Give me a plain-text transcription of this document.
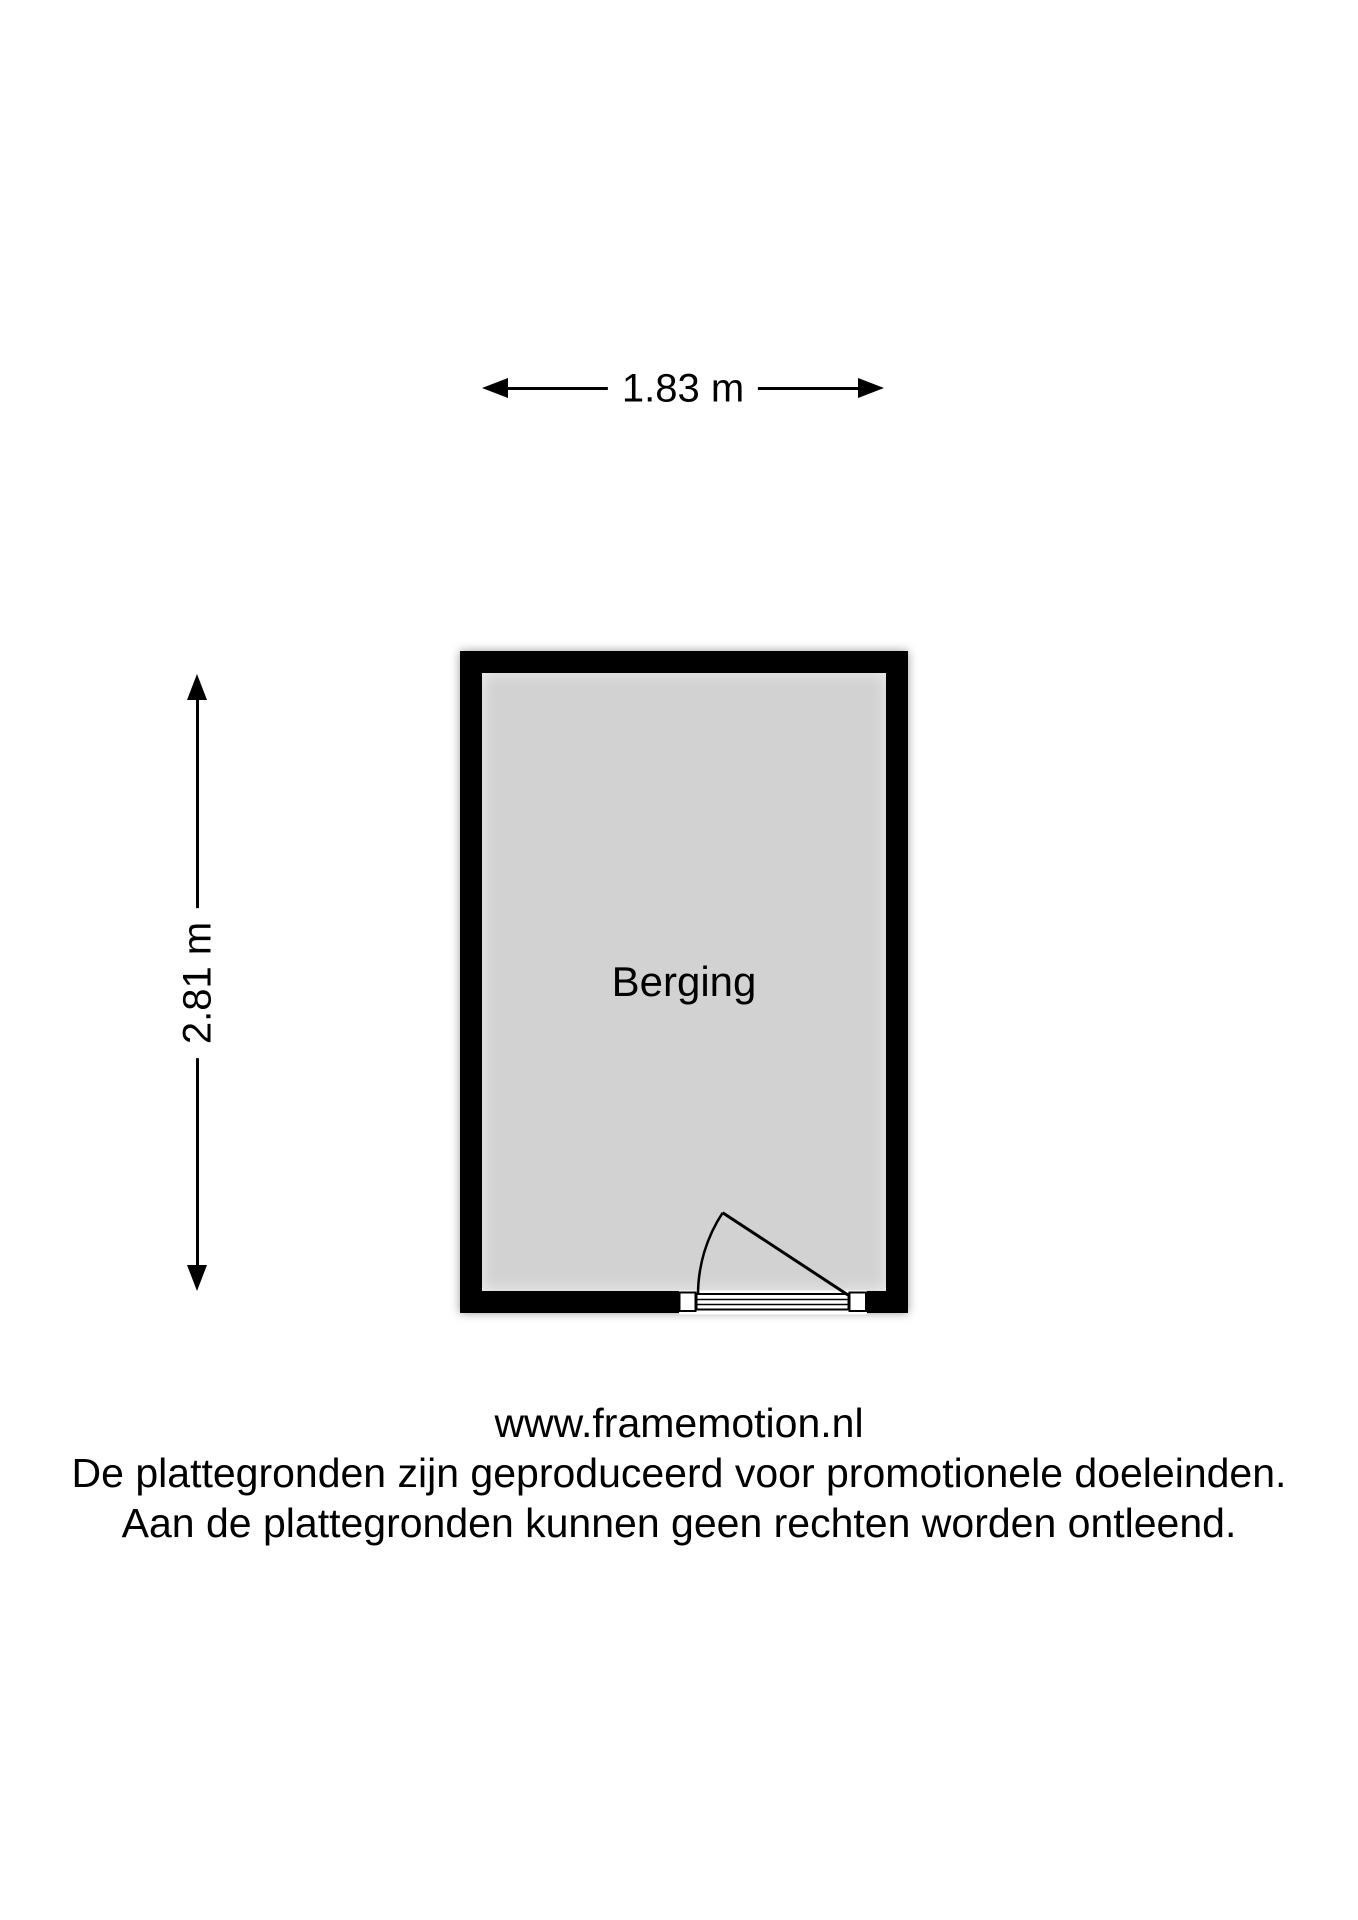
1.83 m
2.81 m	Berging
www.framemotion.nl
De plattegronden zijn geproduceerd voor promotionele doeleinden.
Aan de plattegronden kunnen geen rechten worden ontleend.
